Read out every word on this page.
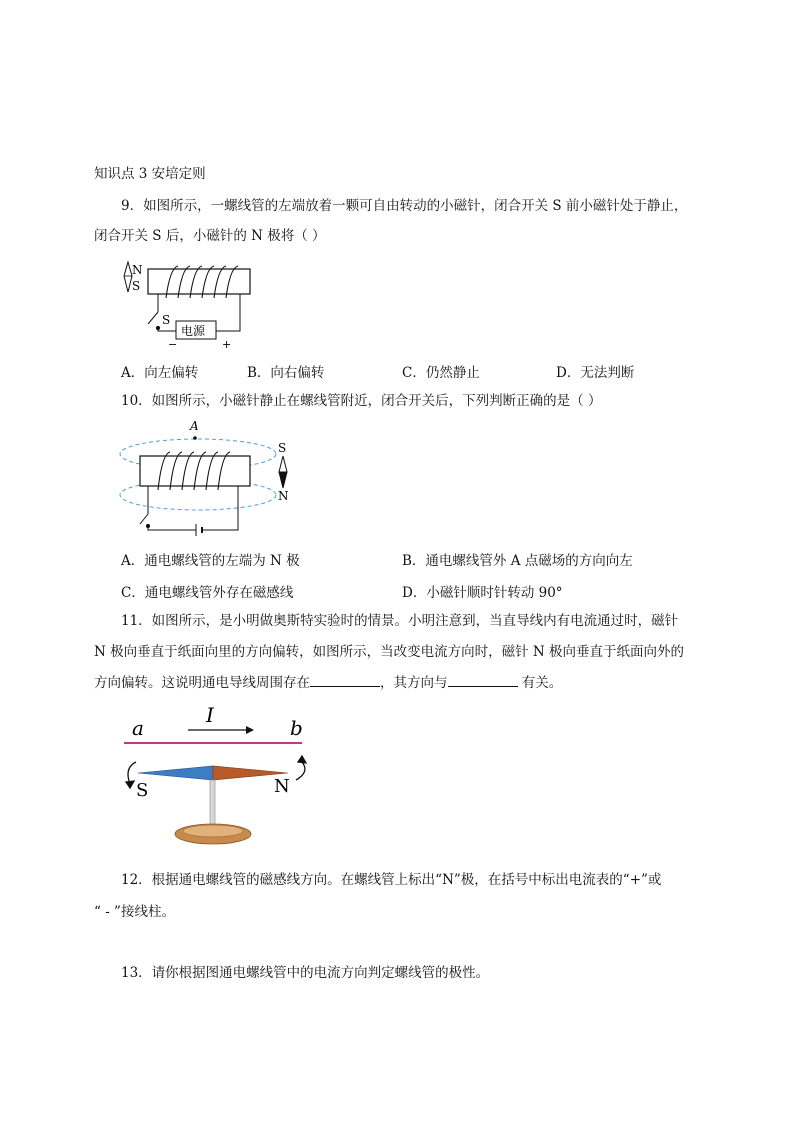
知识点 3 安培定则
9．如图所示，一螺线管的左端放着一颗可自由转动的小磁针，闭合开关 S 前小磁针处于静止，
闭合开关 S 后，小磁针的 N 极将（ ）
N
S
S
电源
−	+
A．向左偏转	B．向右偏转	C．仍然静止	D．无法判断
10．如图所示，小磁针静止在螺线管附近，闭合开关后，下列判断正确的是（ ）
A
S
N
A．通电螺线管的左端为 N 极	B．通电螺线管外 A 点磁场的方向向左
C．通电螺线管外存在磁感线	D．小磁针顺时针转动 90°
11．如图所示，是小明做奥斯特实验时的情景。小明注意到，当直导线内有电流通过时，磁针
N 极向垂直于纸面向里的方向偏转，如图所示，当改变电流方向时，磁针 N 极向垂直于纸面向外的
方向偏转。这说明通电导线周围存在	，其方向与	有关。
a	b
I
S	N
12．根据通电螺线管的磁感线方向。在螺线管上标出“N”极，在括号中标出电流表的“+”或
“ - ”接线柱。
13．请你根据图通电螺线管中的电流方向判定螺线管的极性。
